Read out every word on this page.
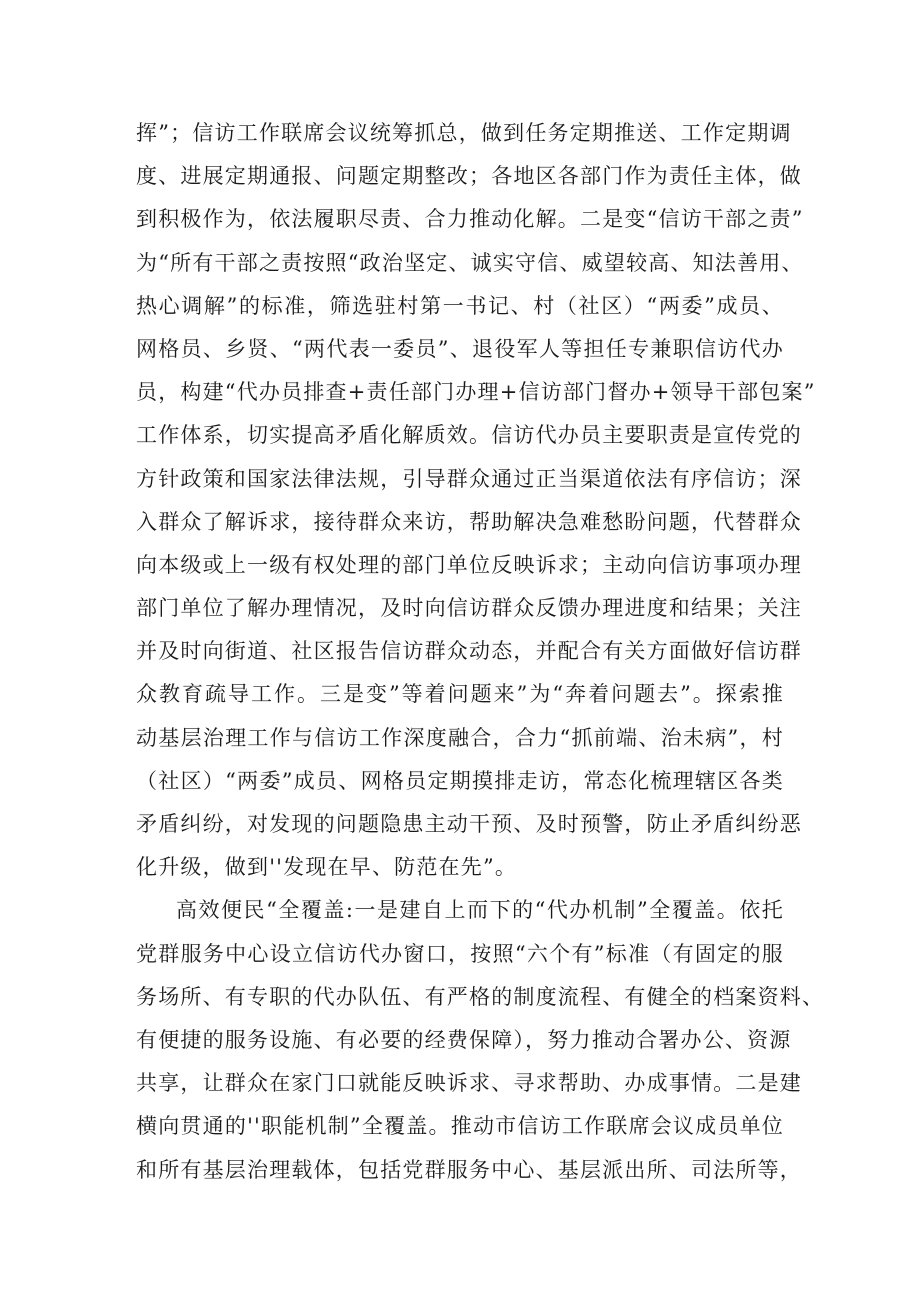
挥”；信访工作联席会议统筹抓总，做到任务定期推送、工作定期调
度、进展定期通报、问题定期整改；各地区各部门作为责任主体，做
到积极作为，依法履职尽责、合力推动化解。二是变“信访干部之责”
为“所有干部之责按照“政治坚定、诚实守信、威望较高、知法善用、
热心调解”的标准，筛选驻村第一书记、村（社区）“两委”成员、
网格员、乡贤、“两代表一委员”、退役军人等担任专兼职信访代办
员，构建“代办员排查+责任部门办理+信访部门督办+领导干部包案”
工作体系，切实提高矛盾化解质效。信访代办员主要职责是宣传党的
方针政策和国家法律法规，引导群众通过正当渠道依法有序信访；深
入群众了解诉求，接待群众来访，帮助解决急难愁盼问题，代替群众
向本级或上一级有权处理的部门单位反映诉求；主动向信访事项办理
部门单位了解办理情况，及时向信访群众反馈办理进度和结果；关注
并及时向街道、社区报告信访群众动态，并配合有关方面做好信访群
众教育疏导工作。三是变”等着问题来”为“奔着问题去”。探索推
动基层治理工作与信访工作深度融合，合力“抓前端、治未病”，村
（社区）“两委”成员、网格员定期摸排走访，常态化梳理辖区各类
矛盾纠纷，对发现的问题隐患主动干预、及时预警，防止矛盾纠纷恶
化升级，做到''发现在早、防范在先”。
高效便民“全覆盖:一是建自上而下的“代办机制”全覆盖。依托
党群服务中心设立信访代办窗口，按照“六个有”标准（有固定的服
务场所、有专职的代办队伍、有严格的制度流程、有健全的档案资料、
有便捷的服务设施、有必要的经费保障），努力推动合署办公、资源
共享，让群众在家门口就能反映诉求、寻求帮助、办成事情。二是建
横向贯通的''职能机制”全覆盖。推动市信访工作联席会议成员单位
和所有基层治理载体，包括党群服务中心、基层派出所、司法所等，
